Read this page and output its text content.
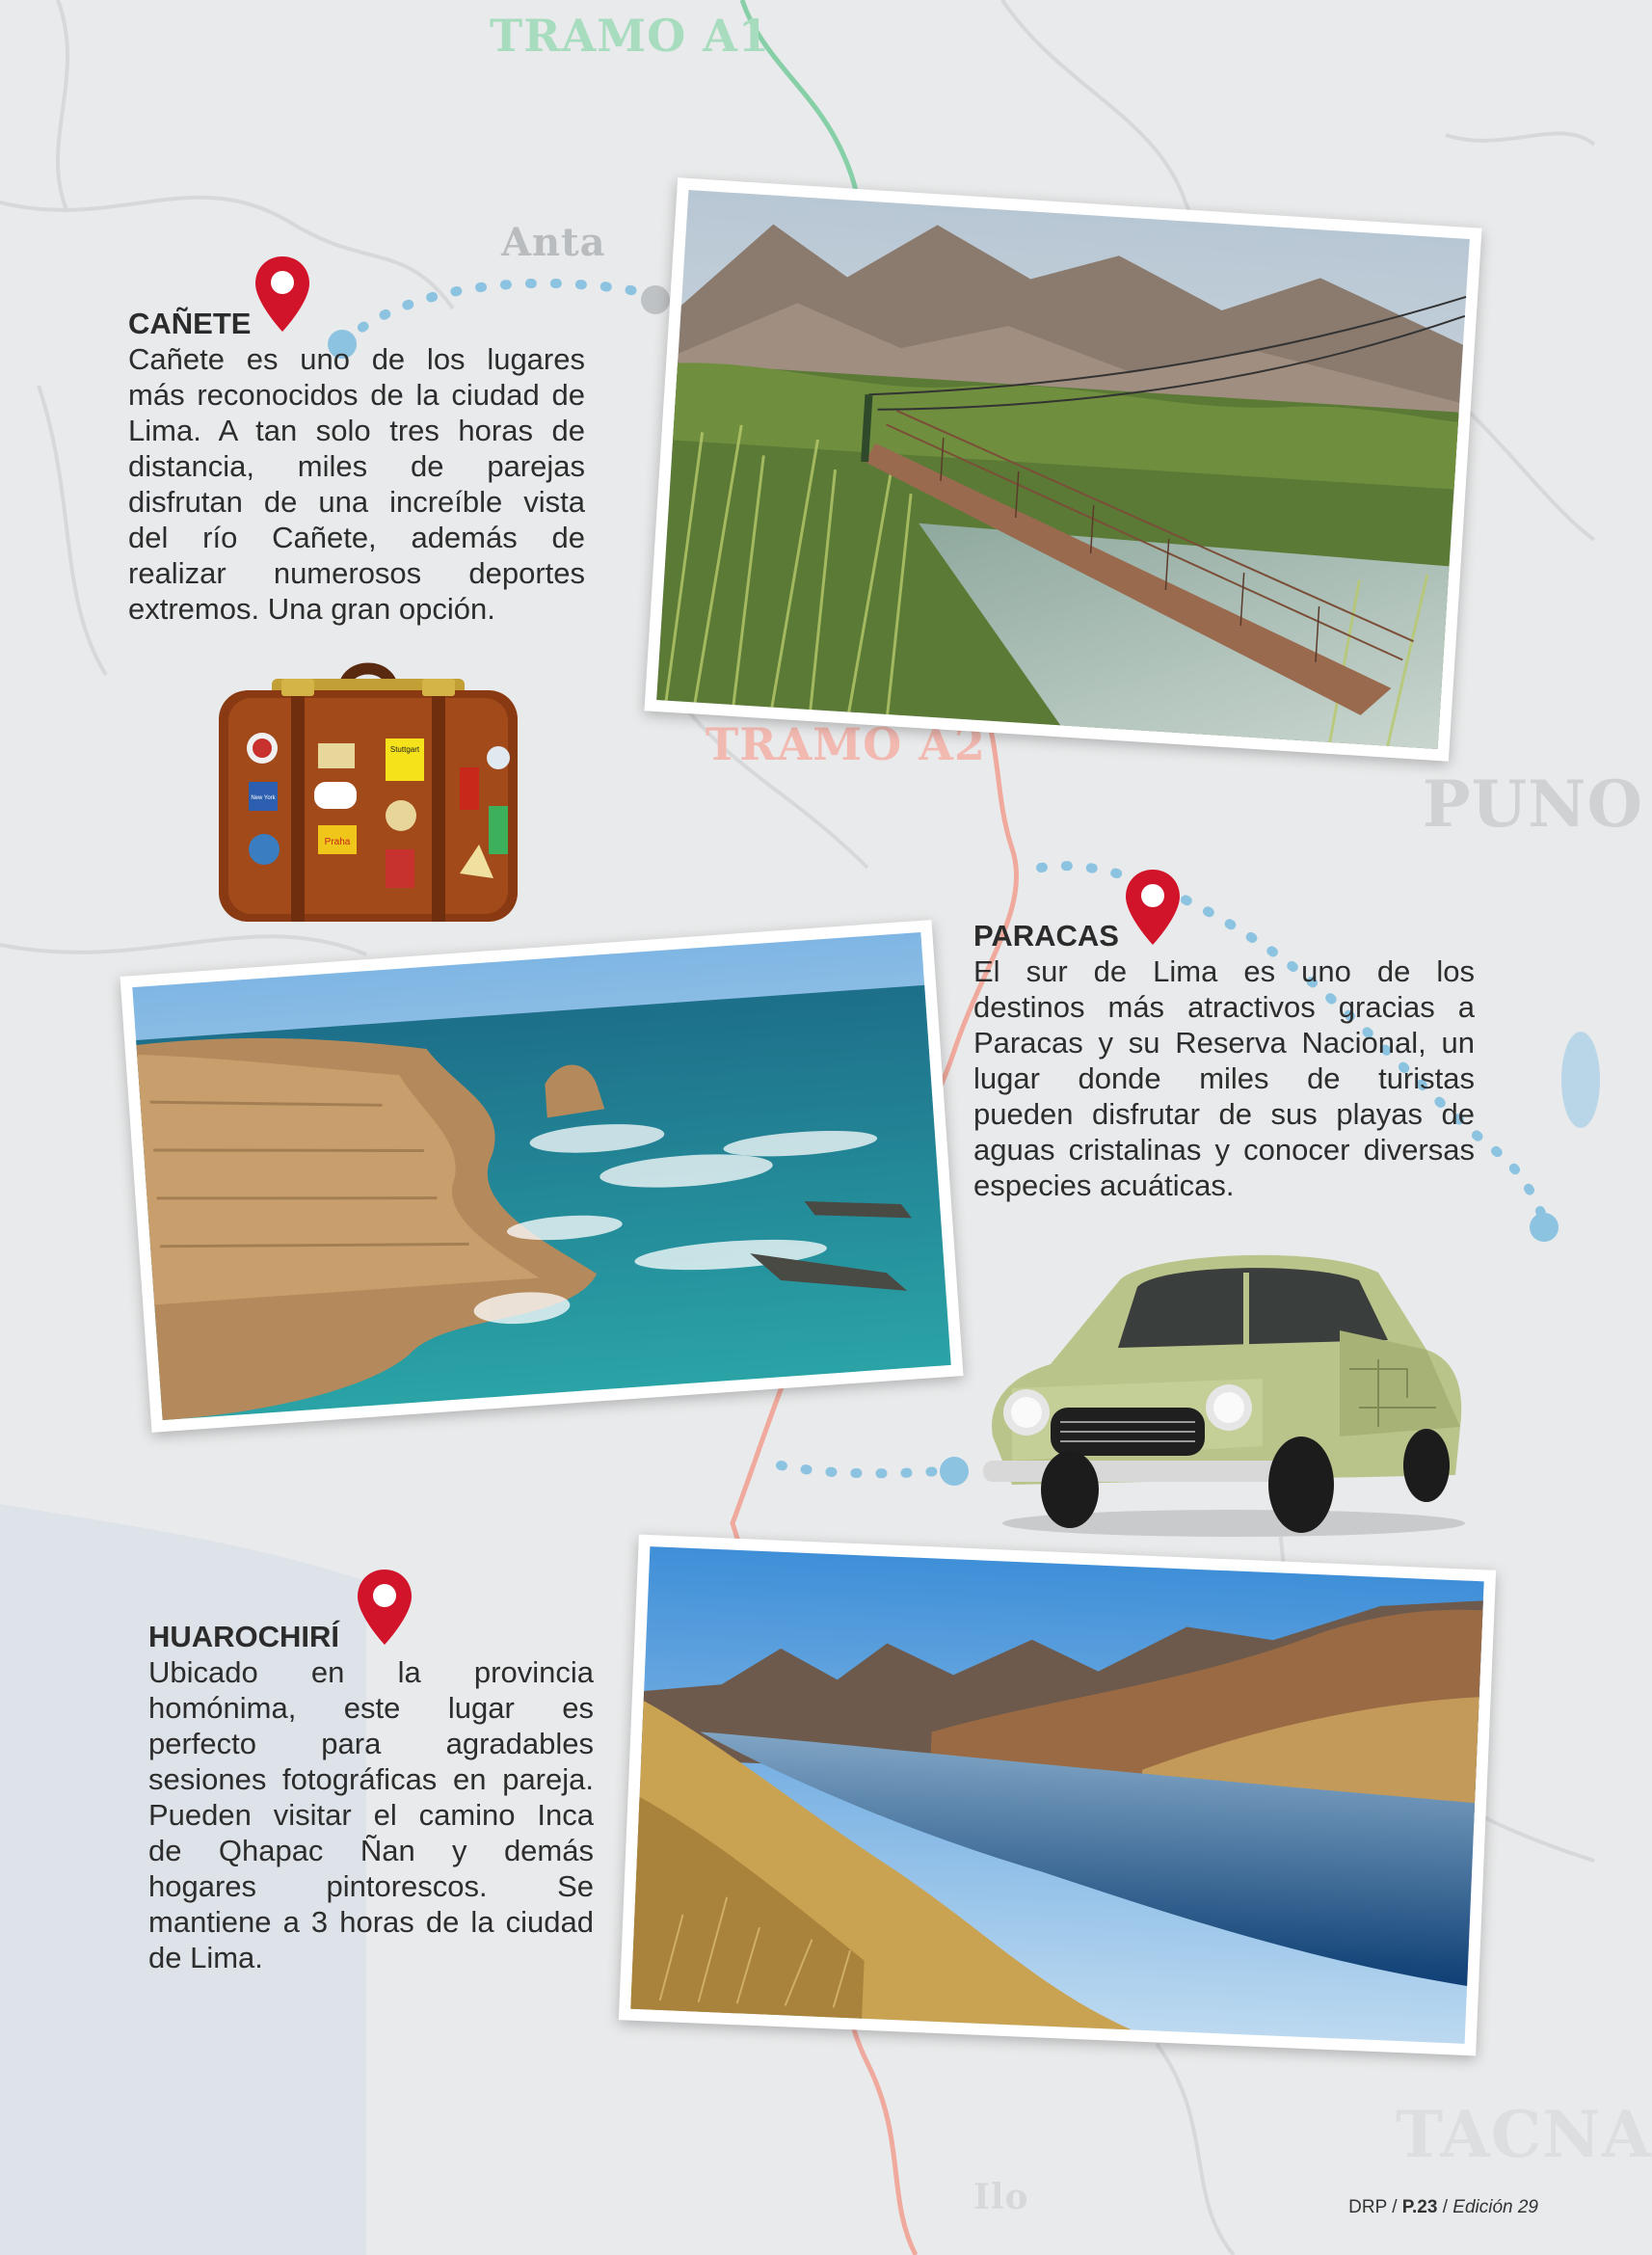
TRAMO A1
Anta
TRAMO A2
PUNO
TACNA
Ilo
CAÑETE

Cañete es uno de los lugares
más reconocidos de la ciudad de
Lima. A tan solo tres horas de
distancia, miles de parejas
disfrutan de una increíble vista
del río Cañete, además de
realizar numerosos deportes
extremos. Una gran opción.

Praha
Stuttgart
New York
PARACAS

El sur de Lima es uno de los
destinos más atractivos gracias a
Paracas y su Reserva Nacional, un
lugar donde miles de turistas
pueden disfrutar de sus playas de
aguas cristalinas y conocer diversas
especies acuáticas.

HUAROCHIRÍ

Ubicado en la provincia
homónima, este lugar es
perfecto para agradables
sesiones fotográficas en pareja.
Pueden visitar el camino Inca
de Qhapac Ñan y demás
hogares pintorescos. Se
mantiene a 3 horas de la ciudad
de Lima.

DRP / P.23 / Edición 29
